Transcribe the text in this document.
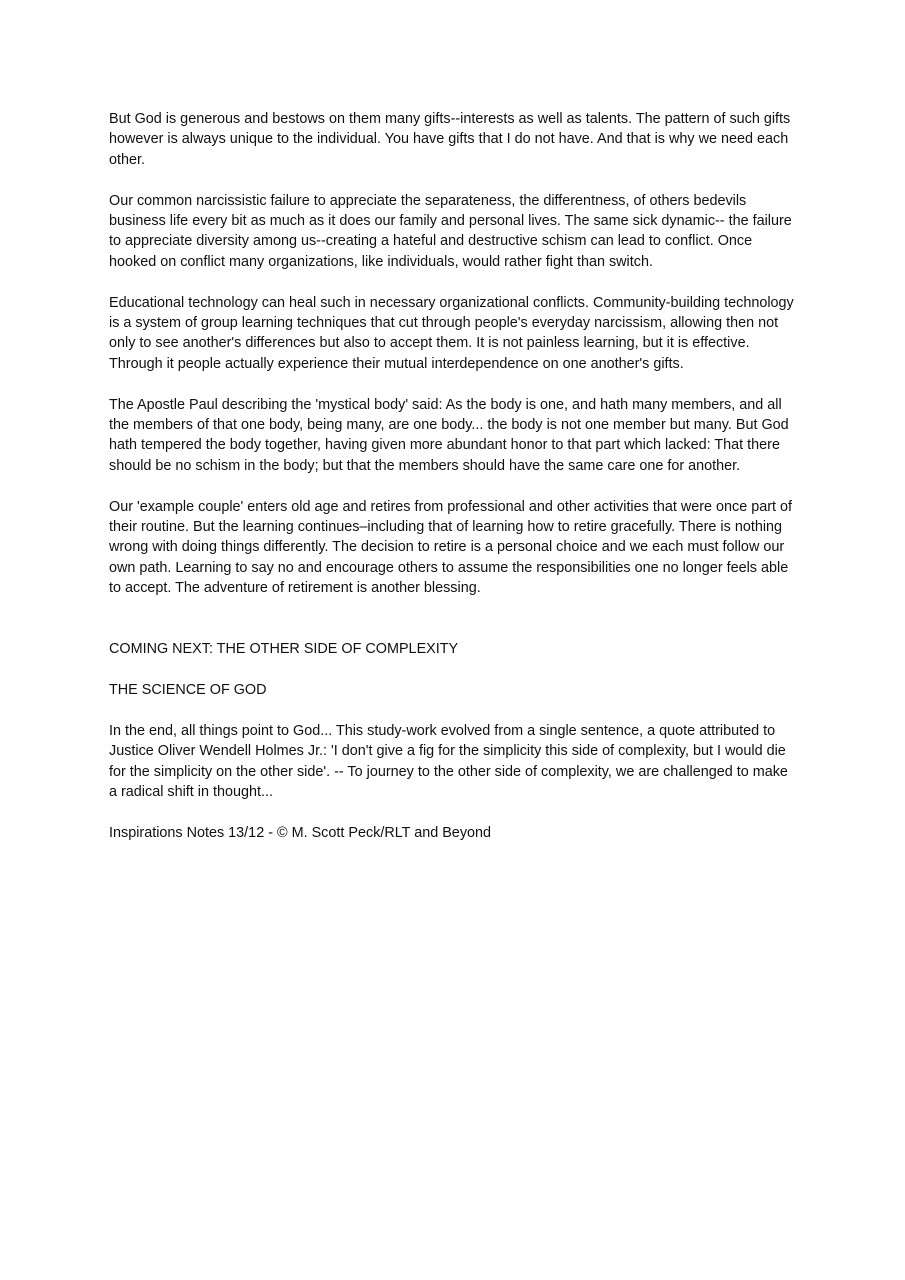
But God is generous and bestows on them many gifts--interests as well as talents. The pattern of such gifts however is always unique to the individual. You have gifts that I do not have. And that is why we need each other.

Our common narcissistic failure to appreciate the separateness, the differentness, of others bedevils business life every bit as much as it does our family and personal lives. The same sick dynamic-- the failure to appreciate diversity among us--creating a hateful and destructive schism can lead to conflict. Once hooked on conflict many organizations, like individuals, would rather fight than switch.

Educational technology can heal such in necessary organizational conflicts. Community-building technology is a system of group learning techniques that cut through people's everyday narcissism, allowing then not only to see another's differences but also to accept them. It is not painless learning, but it is effective. Through it people actually experience their mutual interdependence on one another's gifts.

The Apostle Paul describing the 'mystical body' said: As the body is one, and hath many members, and all the members of that one body, being many, are one body... the body is not one member but many. But God hath tempered the body together, having given more abundant honor to that part which lacked: That there should be no schism in the body; but that the members should have the same care one for another.

Our 'example couple' enters old age and retires from professional and other activities that were once part of their routine. But the learning continues–including that of learning how to retire gracefully. There is nothing wrong with doing things differently. The decision to retire is a personal choice and we each must follow our own path. Learning to say no and encourage others to assume the responsibilities one no longer feels able to accept. The adventure of retirement is another blessing.

COMING NEXT: THE OTHER SIDE OF COMPLEXITY

THE SCIENCE OF GOD

In the end, all things point to God... This study-work evolved from a single sentence, a quote attributed to Justice Oliver Wendell Holmes Jr.: 'I don't give a fig for the simplicity this side of complexity, but I would die for the simplicity on the other side'. -- To journey to the other side of complexity, we are challenged to make a radical shift in thought...

Inspirations Notes 13/12 - © M. Scott Peck/RLT and Beyond
